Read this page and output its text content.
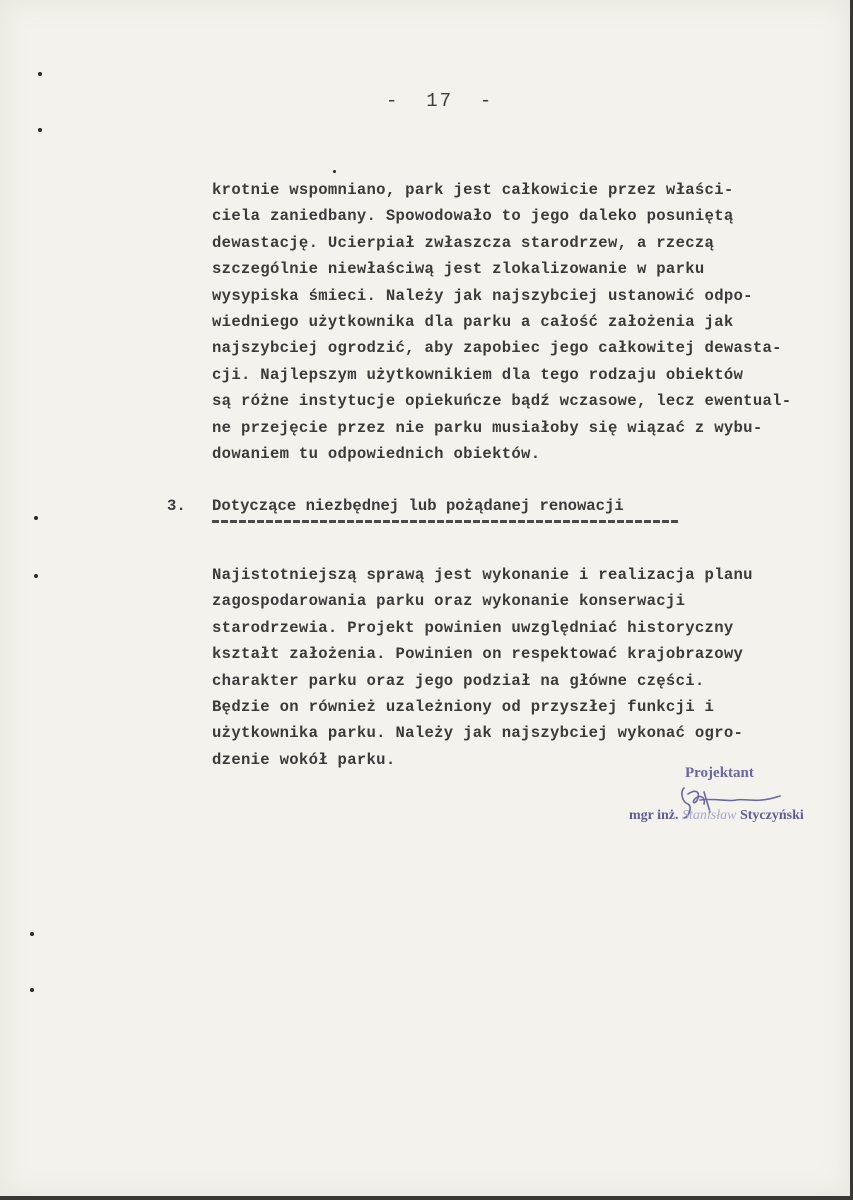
-  17  -
krotnie wspomniano, park jest całkowicie przez właści-
ciela zaniedbany. Spowodowało to jego daleko posuniętą
dewastację. Ucierpiał zwłaszcza starodrzew, a rzeczą
szczególnie niewłaściwą jest zlokalizowanie w parku
wysypiska śmieci. Należy jak najszybciej ustanowić odpo-
wiedniego użytkownika dla parku a całość założenia jak
najszybciej ogrodzić, aby zapobiec jego całkowitej dewasta-
cji. Najlepszym użytkownikiem dla tego rodzaju obiektów
są różne instytucje opiekuńcze bądź wczasowe, lecz ewentual-
ne przejęcie przez nie parku musiałoby się wiązać z wybu-
dowaniem tu odpowiednich obiektów.
3. Dotyczące niezbędnej lub pożądanej renowacji
Najistotniejszą sprawą jest wykonanie i realizacja planu
zagospodarowania parku oraz wykonanie konserwacji
starodrzewia. Projekt powinien uwzględniać historyczny
kształt założenia. Powinien on respektować krajobrazowy
charakter parku oraz jego podział na główne części.
Będzie on również uzależniony od przyszłej funkcji i
użytkownika parku. Należy jak najszybciej wykonać ogro-
dzenie wokół parku.
Projektant
mgr inż. Stanisław Styczyński
